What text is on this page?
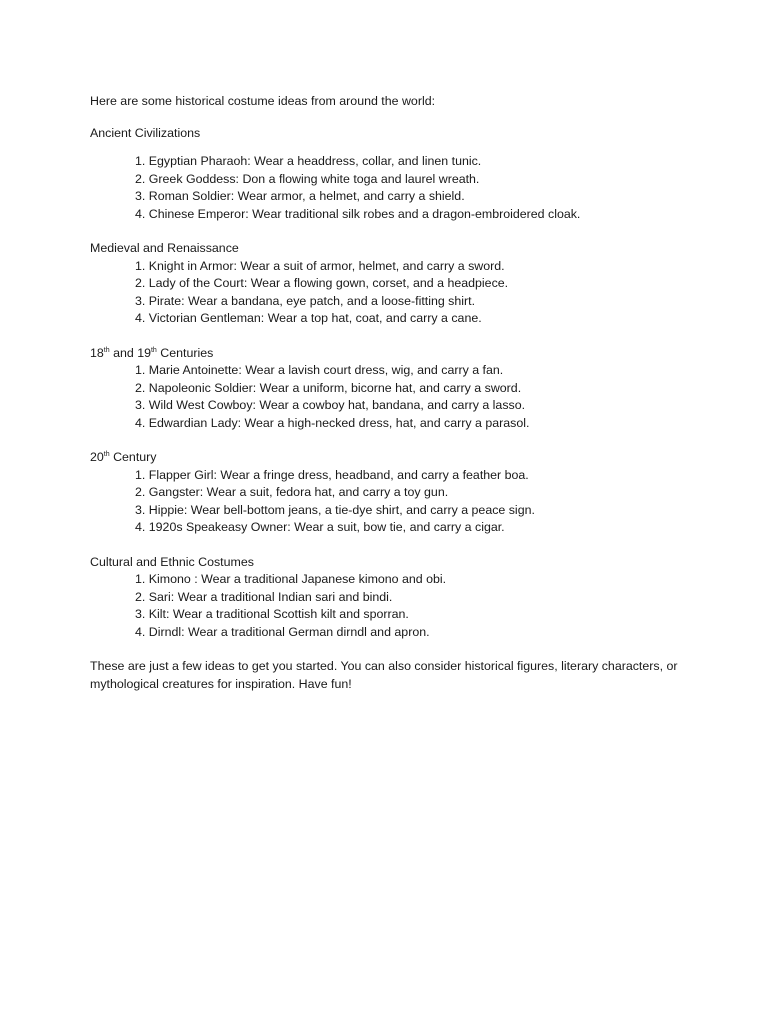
Here are some historical costume ideas from around the world:

Ancient Civilizations

1. Egyptian Pharaoh: Wear a headdress, collar, and linen tunic.
2. Greek Goddess: Don a flowing white toga and laurel wreath.
3. Roman Soldier: Wear armor, a helmet, and carry a shield.
4. Chinese Emperor: Wear traditional silk robes and a dragon-embroidered cloak.

Medieval and Renaissance

1. Knight in Armor: Wear a suit of armor, helmet, and carry a sword.
2. Lady of the Court: Wear a flowing gown, corset, and a headpiece.
3. Pirate: Wear a bandana, eye patch, and a loose-fitting shirt.
4. Victorian Gentleman: Wear a top hat, coat, and carry a cane.

18th and 19th Centuries

1. Marie Antoinette: Wear a lavish court dress, wig, and carry a fan.
2. Napoleonic Soldier: Wear a uniform, bicorne hat, and carry a sword.
3. Wild West Cowboy: Wear a cowboy hat, bandana, and carry a lasso.
4. Edwardian Lady: Wear a high-necked dress, hat, and carry a parasol.

20th Century

1. Flapper Girl: Wear a fringe dress, headband, and carry a feather boa.
2. Gangster: Wear a suit, fedora hat, and carry a toy gun.
3. Hippie: Wear bell-bottom jeans, a tie-dye shirt, and carry a peace sign.
4. 1920s Speakeasy Owner: Wear a suit, bow tie, and carry a cigar.

Cultural and Ethnic Costumes

1. Kimono : Wear a traditional Japanese kimono and obi.
2. Sari: Wear a traditional Indian sari and bindi.
3. Kilt: Wear a traditional Scottish kilt and sporran.
4. Dirndl: Wear a traditional German dirndl and apron.

These are just a few ideas to get you started. You can also consider historical figures, literary characters, or mythological creatures for inspiration. Have fun!
